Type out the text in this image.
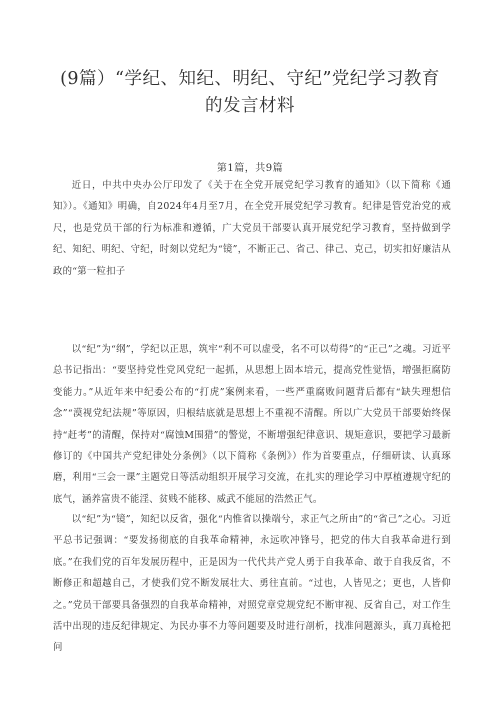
(9篇）“学纪、知纪、明纪、守纪”党纪学习教育
的发言材料
第1篇，共9篇

近日，中共中央办公厅印发了《关于在全党开展党纪学习教育的通知》（以下简称《通知》）。《通知》明确，自2024年4月至7月，在全党开展党纪学习教育。纪律是管党治党的戒尺，也是党员干部的行为标准和遵循，广大党员干部要认真开展党纪学习教育，坚持做到学纪、知纪、明纪、守纪，时刻以党纪为“镜”，不断正己、省己、律己、克己，切实扣好廉洁从政的“第一粒扣子

以“纪”为“纲”，学纪以正思，筑牢“利不可以虚受，名不可以苟得”的“正己”之魂。习近平总书记指出：“要坚持党性党风党纪一起抓，从思想上固本培元，提高党性觉悟，增强拒腐防变能力。”从近年来中纪委公布的“打虎”案例来看，一些严重腐败问题背后都有“缺失理想信念”“漠视党纪法规”等原因，归根结底就是思想上不重视不清醒。所以广大党员干部要始终保持“赶考”的清醒，保持对“腐蚀M围猎”的警觉，不断增强纪律意识、规矩意识，要把学习最新修订的《中国共产党纪律处分条例》（以下简称《条例》）作为首要重点，仔细研读、认真琢磨，利用“三会一课”主题党日等活动组织开展学习交流，在扎实的理论学习中厚植遵规守纪的底气，涵养富贵不能淫、贫贱不能移、威武不能屈的浩然正气。

以“纪”为“镜”，知纪以反省，强化“内惟省以操端兮，求正气之所由”的“省己”之心。习近平总书记强调：“要发扬彻底的自我革命精神，永远吹冲锋号，把党的伟大自我革命进行到底。”在我们党的百年发展历程中，正是因为一代代共产党人勇于自我革命、敢于自我反省，不断修正和超越自己，才使我们党不断发展壮大、勇往直前。“过也，人皆见之；更也，人皆仰之。”党员干部要具备强烈的自我革命精神，对照党章党规党纪不断审视、反省自己，对工作生活中出现的违反纪律规定、为民办事不力等问题要及时进行剖析，找准问题源头，真刀真枪把问
